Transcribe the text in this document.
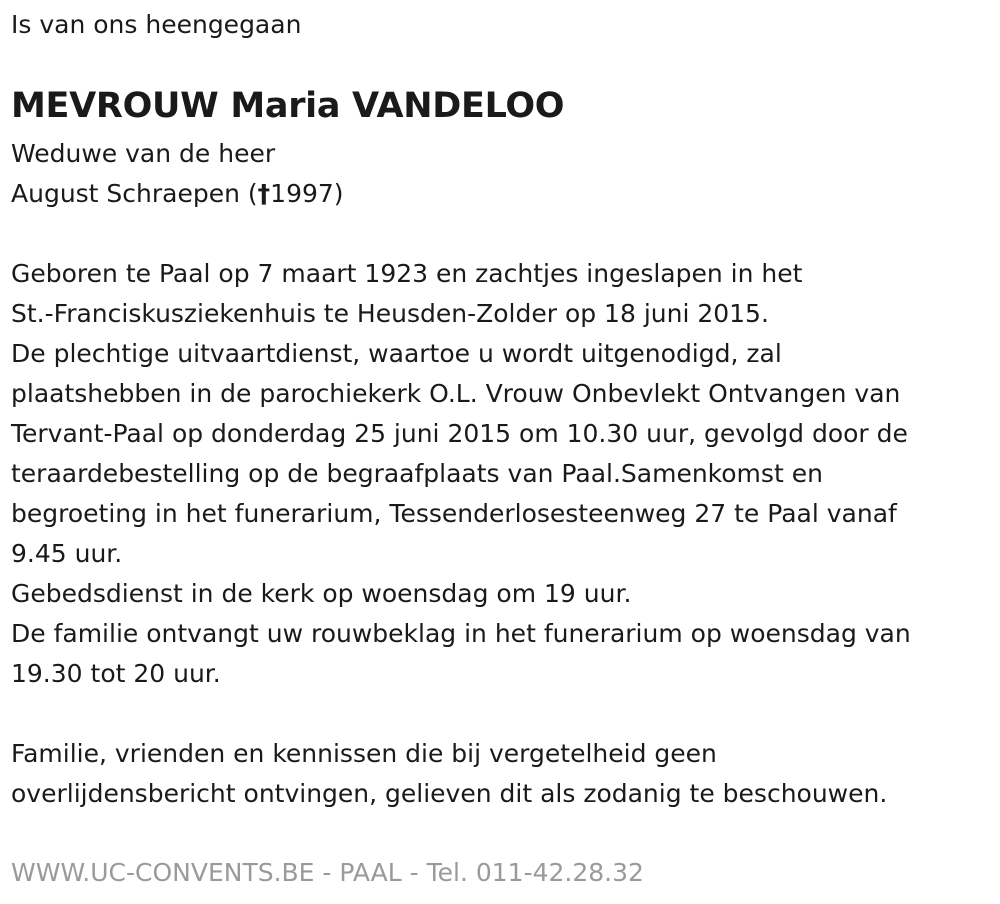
Is van ons heengegaan

MEVROUW Maria VANDELOO
Weduwe van de heer
August Schraepen (†1997)
Geboren te Paal op 7 maart 1923 en zachtjes ingeslapen in het
St.-Franciskusziekenhuis te Heusden-Zolder op 18 juni 2015.
De plechtige uitvaartdienst, waartoe u wordt uitgenodigd, zal
plaatshebben in de parochiekerk O.L. Vrouw Onbevlekt Ontvangen van
Tervant-Paal op donderdag 25 juni 2015 om 10.30 uur, gevolgd door de
teraardebestelling op de begraafplaats van Paal.Samenkomst en
begroeting in het funerarium, Tessenderlosesteenweg 27 te Paal vanaf
9.45 uur.
Gebedsdienst in de kerk op woensdag om 19 uur.
De familie ontvangt uw rouwbeklag in het funerarium op woensdag van
19.30 tot 20 uur.
Familie, vrienden en kennissen die bij vergetelheid geen
overlijdensbericht ontvingen, gelieven dit als zodanig te beschouwen.

WWW.UC-CONVENTS.BE - PAAL - Tel. 011-42.28.32
